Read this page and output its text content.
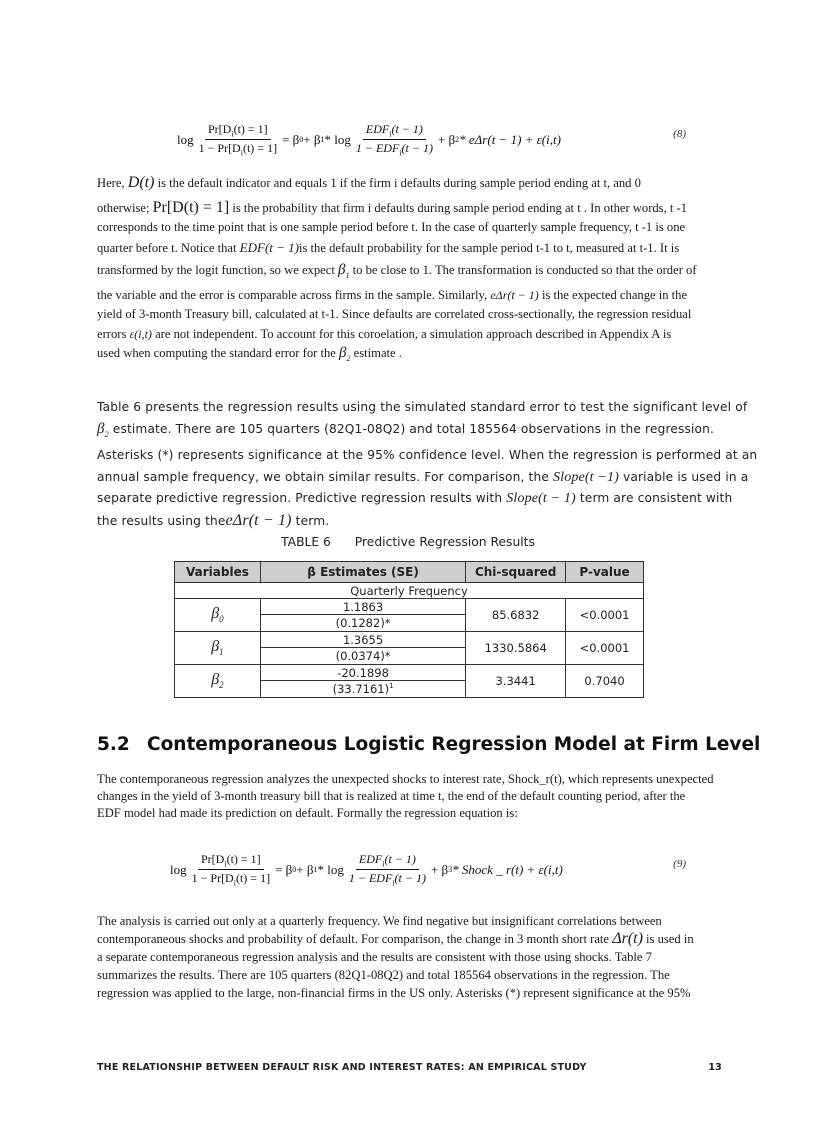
$\log \frac{Pr[D_i(t) = 1]}{1 - Pr[D_i(t) = 1]} = \beta$ 0 + β $1 * \log \frac{EDF_i(t - 1)}{1 - EDF_i(t - 1)} + \beta$ 2 * eΔr(t − 1) + ε(i,t)	(8)
Here, D(t) is the default indicator and equals 1 if the firm i defaults during sample period ending at t, and 0
otherwise; Pr[D(t) = 1] is the probability that firm i defaults during sample period ending at t . In other words, t -1
corresponds to the time point that is one sample period before t. In the case of quarterly sample frequency, t -1 is one
quarter before t. Notice that EDF(t − 1)is the default probability for the sample period t-1 to t, measured at t-1. It is
transformed by the logit function, so we expect $\beta_1$ to be close to 1. The transformation is conducted so that the order of
the variable and the error is comparable across firms in the sample. Similarly, eΔr(t − 1) is the expected change in the
yield of 3-month Treasury bill, calculated at t-1. Since defaults are correlated cross-sectionally, the regression residual
errors ε(i,t) are not independent. To account for this coroelation, a simulation approach described in Appendix A is
used when computing the standard error for the $\beta_2$ estimate .
Table 6 presents the regression results using the simulated standard error to test the significant level of
$\beta_2$ estimate. There are 105 quarters (82Q1-08Q2) and total 185564 observations in the regression.
Asterisks (*) represents significance at the 95% confidence level. When the regression is performed at an
annual sample frequency, we obtain similar results. For comparison, the Slope(t −1) variable is used in a
separate predictive regression. Predictive regression results with Slope(t − 1) term are consistent with
the results using theeΔr(t − 1) term.
TABLE 6 Predictive Regression Results
Variables	β Estimates (SE)	Chi-squared	P-value
Quarterly Frequency			
$\beta_0$	1.1863	85.6832	<0.0001
	(0.1282)*		
$\beta_1$	1.3655	1330.5864	<0.0001
	(0.0374)*		
$\beta_2$	-20.1898	3.3441	0.7040
	$(33.7161)^1$
5.2 Contemporaneous Logistic Regression Model at Firm Level
The contemporaneous regression analyzes the unexpected shocks to interest rate, Shock_r(t), which represents unexpected
changes in the yield of 3-month treasury bill that is realized at time t, the end of the default counting period, after the
EDF model had made its prediction on default. Formally the regression equation is:
$\log \frac{Pr[D_i(t) = 1]}{1 - Pr[D_i(t) = 1]} = \beta$ 0 + β $1 * \log \frac{EDF_i(t - 1)}{1 - EDF_i(t - 1)} + \beta$ 3 * Shock _ r(t) + ε(i,t)	(9)
The analysis is carried out only at a quarterly frequency. We find negative but insignificant correlations between
contemporaneous shocks and probability of default. For comparison, the change in 3 month short rate Δr(t) is used in
a separate contemporaneous regression analysis and the results are consistent with those using shocks. Table 7
summarizes the results. There are 105 quarters (82Q1-08Q2) and total 185564 observations in the regression. The
regression was applied to the large, non-financial firms in the US only. Asterisks (*) represent significance at the 95%
THE RELATIONSHIP BETWEEN DEFAULT RISK AND INTEREST RATES: AN EMPIRICAL STUDY	13
